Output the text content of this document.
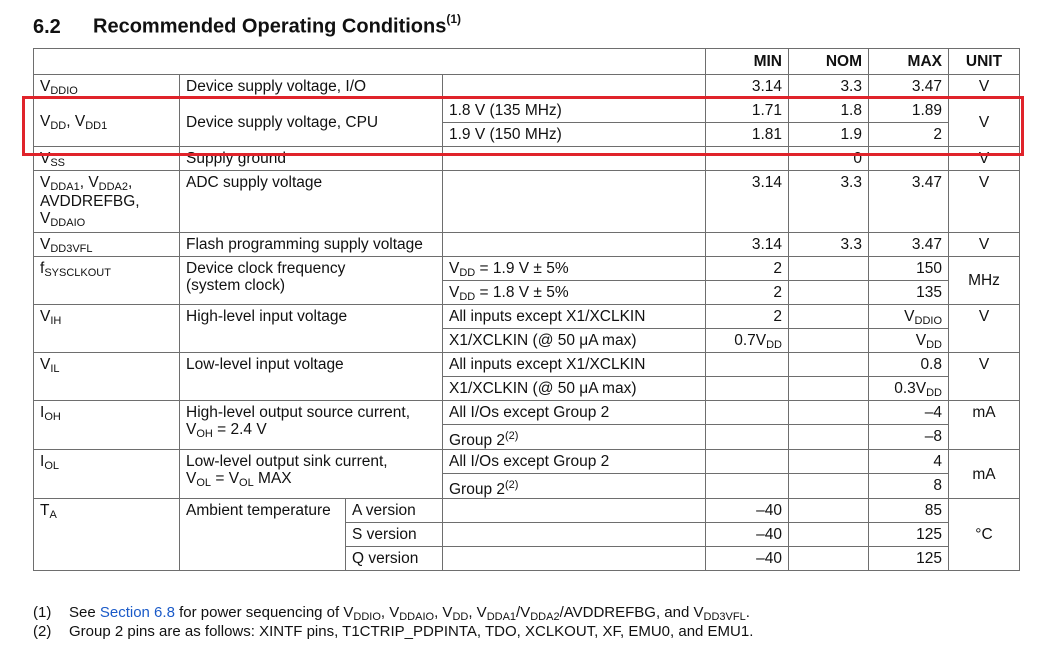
6.2 Recommended Operating Conditions$^{(1)}$
				MIN	NOM	MAX	UNIT
$V_{DDIO}$	Device supply voltage, I/O			3.14	3.3	3.47	V
$V_{DD}$, $V_{DD1}$	Device supply voltage, CPU		1.8 V (135 MHz)	1.71	1.8	1.89	V
			1.9 V (150 MHz)	1.81	1.9	2	
$V_{SS}$	Supply ground				0		V
$V_{DDA1}$, $V_{DDA2}$,
AVDDREFBG,
$V_{DDAIO}$	ADC supply voltage			3.14	3.3	3.47	V
$V_{DD3VFL}$	Flash programming supply voltage			3.14	3.3	3.47	V
$f_{SYSCLKOUT}$	Device clock frequency
(system clock)		$V_{DD} = 1.9$ V ± 5%	2		150	MHz
			$V_{DD} = 1.8$ V ± 5%	2		135	
$V_{IH}$	High-level input voltage		All inputs except X1/XCLKIN	2		$V_{DDIO}$	V
			X1/XCLKIN (@ 50 μA max)	$0.7V_{DD}$		$V_{DD}$
$V_{IL}$	Low-level input voltage		All inputs except X1/XCLKIN			0.8	V
			X1/XCLKIN (@ 50 μA max)			$0.3V_{DD}$
$I_{OH}$	High-level output source current,
$V_{OH} = 2.4$ V		All I/Os except Group 2			–4	mA
			Group 2$^{(2)}$			–8	
$I_{OL}$	Low-level output sink current,
$V_{OL} = V_{OL}$ MAX		All I/Os except Group 2			4	mA
			Group 2$^{(2)}$			8	
$T_A$	Ambient temperature	A version		–40		85	°C
		S version		–40		125	
		Q version		–40		125	
(1) See Section 6.8 for power sequencing of $V_{DDIO}$, $V_{DDAIO}$, $V_{DD}$, $V_{DDA1}/V_{DDA2}$/AVDDREFBG, and $V_{DD3VFL}$.
(2) Group 2 pins are as follows: XINTF pins, T1CTRIP_PDPINTA, TDO, XCLKOUT, XF, EMU0, and EMU1.
